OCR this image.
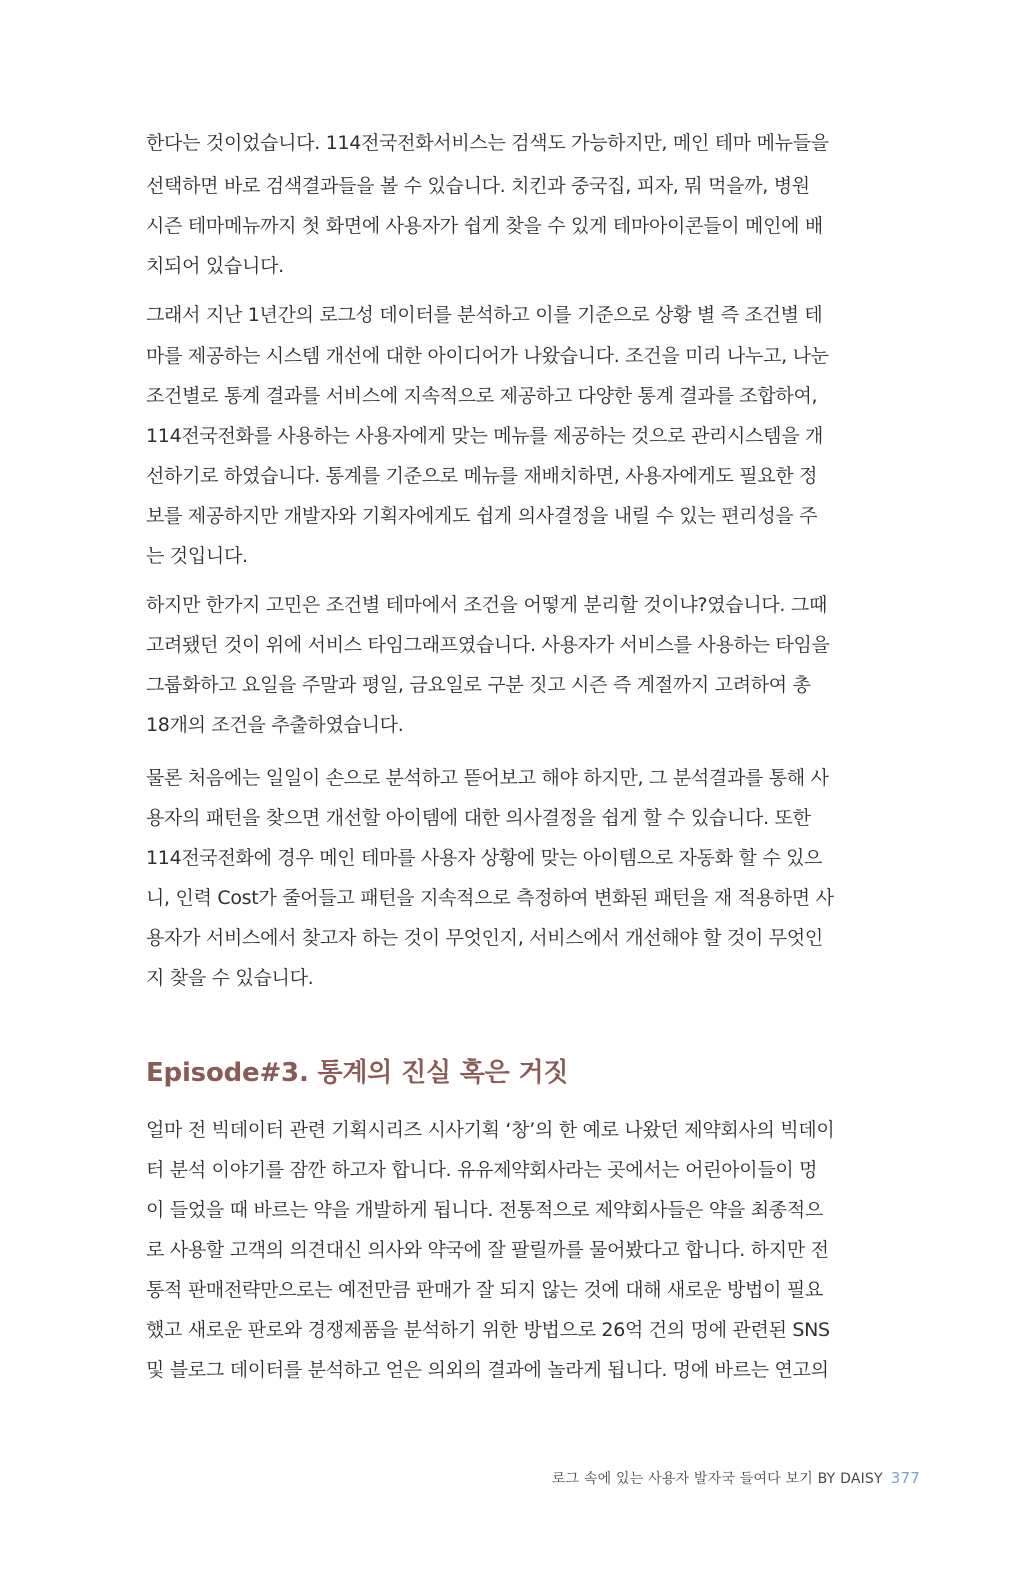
한다는 것이었습니다. 114전국전화서비스는 검색도 가능하지만, 메인 테마 메뉴들을
선택하면 바로 검색결과들을 볼 수 있습니다. 치킨과 중국집, 피자, 뭐 먹을까, 병원
시즌 테마메뉴까지 첫 화면에 사용자가 쉽게 찾을 수 있게 테마아이콘들이 메인에 배
치되어 있습니다.
그래서 지난 1년간의 로그성 데이터를 분석하고 이를 기준으로 상황 별 즉 조건별 테
마를 제공하는 시스템 개선에 대한 아이디어가 나왔습니다. 조건을 미리 나누고, 나눈
조건별로 통계 결과를 서비스에 지속적으로 제공하고 다양한 통계 결과를 조합하여,
114전국전화를 사용하는 사용자에게 맞는 메뉴를 제공하는 것으로 관리시스템을 개
선하기로 하였습니다. 통계를 기준으로 메뉴를 재배치하면, 사용자에게도 필요한 정
보를 제공하지만 개발자와 기획자에게도 쉽게 의사결정을 내릴 수 있는 편리성을 주
는 것입니다.
하지만 한가지 고민은 조건별 테마에서 조건을 어떻게 분리할 것이냐?였습니다. 그때
고려됐던 것이 위에 서비스 타임그래프였습니다. 사용자가 서비스를 사용하는 타임을
그룹화하고 요일을 주말과 평일, 금요일로 구분 짓고 시즌 즉 계절까지 고려하여 총
18개의 조건을 추출하였습니다.
물론 처음에는 일일이 손으로 분석하고 뜯어보고 해야 하지만, 그 분석결과를 통해 사
용자의 패턴을 찾으면 개선할 아이템에 대한 의사결정을 쉽게 할 수 있습니다. 또한
114전국전화에 경우 메인 테마를 사용자 상황에 맞는 아이템으로 자동화 할 수 있으
니, 인력 Cost가 줄어들고 패턴을 지속적으로 측정하여 변화된 패턴을 재 적용하면 사
용자가 서비스에서 찾고자 하는 것이 무엇인지, 서비스에서 개선해야 할 것이 무엇인
지 찾을 수 있습니다.
Episode#3. 통계의 진실 혹은 거짓
얼마 전 빅데이터 관련 기획시리즈 시사기획 ‘창’의 한 예로 나왔던 제약회사의 빅데이
터 분석 이야기를 잠깐 하고자 합니다. 유유제약회사라는 곳에서는 어린아이들이 멍
이 들었을 때 바르는 약을 개발하게 됩니다. 전통적으로 제약회사들은 약을 최종적으
로 사용할 고객의 의견대신 의사와 약국에 잘 팔릴까를 물어봤다고 합니다. 하지만 전
통적 판매전략만으로는 예전만큼 판매가 잘 되지 않는 것에 대해 새로운 방법이 필요
했고 새로운 판로와 경쟁제품을 분석하기 위한 방법으로 26억 건의 멍에 관련된 SNS
및 블로그 데이터를 분석하고 얻은 의외의 결과에 놀라게 됩니다. 멍에 바르는 연고의
로그 속에 있는 사용자 발자국 들여다 보기 BY DAISY 377
